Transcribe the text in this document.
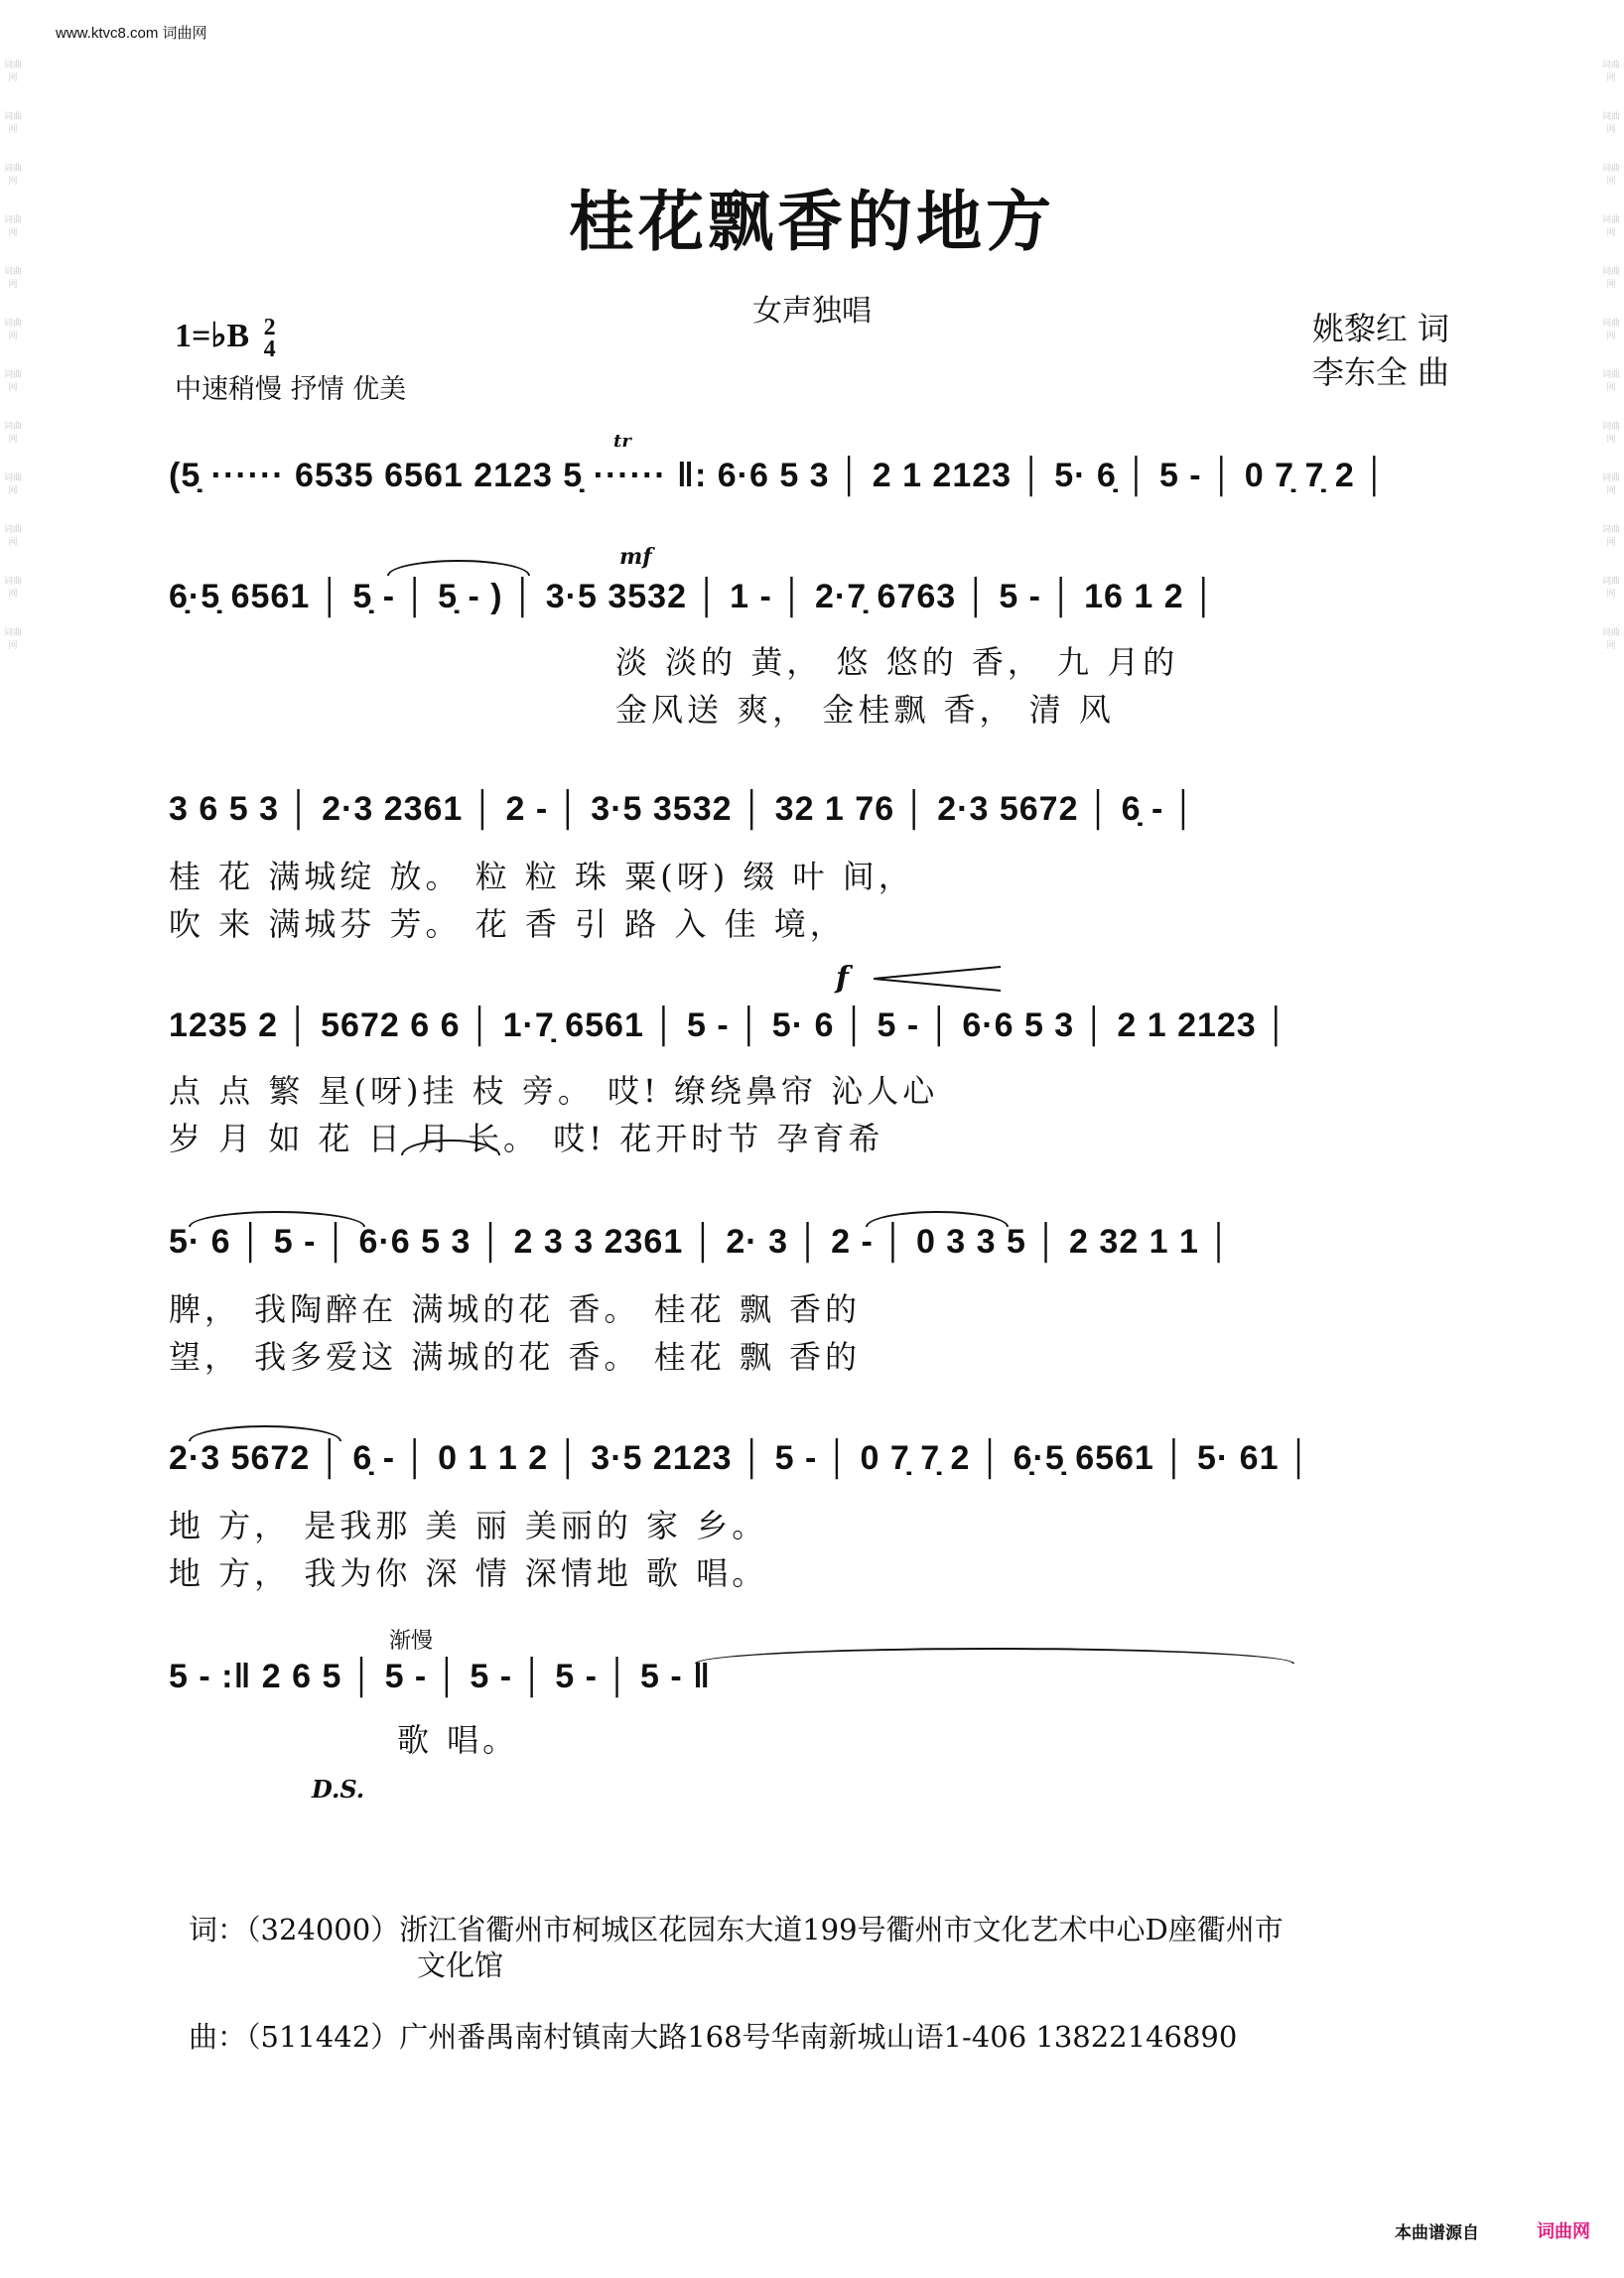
www.ktvc8.com 词曲网
词曲网

词曲网

词曲网

词曲网

词曲网

词曲网

词曲网

词曲网

词曲网

词曲网

词曲网

词曲网
词曲网

词曲网

词曲网

词曲网

词曲网

词曲网

词曲网

词曲网

词曲网

词曲网

词曲网

词曲网
桂花飘香的地方
女声独唱	姚黎红 词
李东全 曲
1=♭B 2
4
中速稍慢 抒情 优美
tr
(5̣ ······ 6535 6561 2123 5̣ ······ ‖: 6·6 5 3 │ 2 1 2123 │ 5· 6̣ │ 5 - │ 0 7̣ 7̣ 2 │
mf
6̣·5̣ 6561 │ 5̣ - │ 5̣ - ) │ 3·5 3532 │ 1 - │ 2·7̣ 6763 │ 5 - │ 16 1 2 │
淡 淡的 黄， 悠 悠的 香， 九 月的
金风送 爽， 金桂飘 香， 清 风
3 6 5 3 │ 2·3 2361 │ 2 - │ 3·5 3532 │ 32 1 76 │ 2·3 5672 │ 6̣ - │
桂 花 满城绽 放。 粒 粒 珠 粟(呀) 缀 叶 间，
吹 来 满城芬 芳。 花 香 引 路 入 佳 境，
f
1235 2 │ 5672 6 6 │ 1·7̣ 6561 │ 5 - │ 5· 6 │ 5 - │ 6·6 5 3 │ 2 1 2123 │
点 点 繁 星(呀)挂 枝 旁。 哎! 缭绕鼻帘 沁人心
岁 月 如 花 日 月 长。 哎! 花开时节 孕育希
5· 6 │ 5 - │ 6·6 5 3 │ 2 3 3 2361 │ 2· 3 │ 2 - │ 0 3 3 5 │ 2 32 1 1 │
脾， 我陶醉在 满城的花 香。 桂花 飘 香的
望， 我多爱这 满城的花 香。 桂花 飘 香的
2·3 5672 │ 6̣ - │ 0 1 1 2 │ 3·5 2123 │ 5 - │ 0 7̣ 7̣ 2 │ 6̣·5̣ 6561 │ 5· 61 │
地 方， 是我那 美 丽 美丽的 家 乡。
地 方， 我为你 深 情 深情地 歌 唱。
渐慢
5 - :‖ 2 6 5 │ 5 - │ 5 - │ 5 - │ 5 - ‖
歌 唱。
D.S.
词：（324000）浙江省衢州市柯城区花园东大道199号衢州市文化艺术中心D座衢州市
文化馆
曲：（511442）广州番禺南村镇南大路168号华南新城山语1-406 13822146890
本曲谱源自	词曲网
